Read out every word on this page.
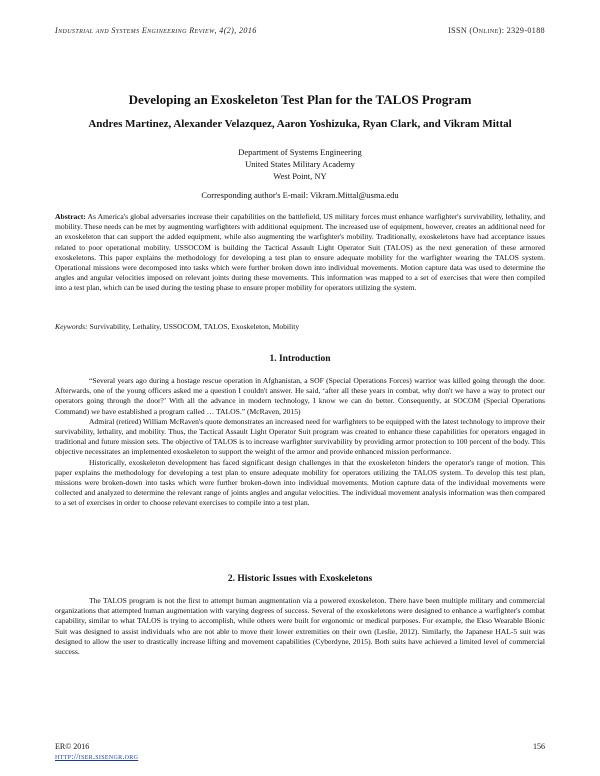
Industrial and Systems Engineering Review, 4(2), 2016	ISSN (Online): 2329-0188
Developing an Exoskeleton Test Plan for the TALOS Program
Andres Martinez, Alexander Velazquez, Aaron Yoshizuka, Ryan Clark, and Vikram Mittal
Department of Systems Engineering
United States Military Academy
West Point, NY
Corresponding author's E-mail: Vikram.Mittal@usma.edu
Abstract: As America's global adversaries increase their capabilities on the battlefield, US military forces must enhance warfighter's survivability, lethality, and mobility. These needs can be met by augmenting warfighters with additional equipment. The increased use of equipment, however, creates an additional need for an exoskeleton that can support the added equipment, while also augmenting the warfighter's mobility. Traditionally, exoskeletons have had acceptance issues related to poor operational mobility. USSOCOM is building the Tactical Assault Light Operator Suit (TALOS) as the next generation of these armored exoskeletons. This paper explains the methodology for developing a test plan to ensure adequate mobility for the warfighter wearing the TALOS system. Operational missions were decomposed into tasks which were further broken down into individual movements. Motion capture data was used to determine the angles and angular velocities imposed on relevant joints during these movements. This information was mapped to a set of exercises that were then compiled into a test plan, which can be used during the testing phase to ensure proper mobility for operators utilizing the system.
Keywords: Survivability, Lethality, USSOCOM, TALOS, Exoskeleton, Mobility
1. Introduction

“Several years ago during a hostage rescue operation in Afghanistan, a SOF (Special Operations Forces) warrior was killed going through the door. Afterwards, one of the young officers asked me a question I couldn't answer. He said, ‘after all these years in combat, why don't we have a way to protect our operators going through the door?’ With all the advance in modern technology, I know we can do better. Consequently, at SOCOM (Special Operations Command) we have established a program called … TALOS.” (McRaven, 2015)

Admiral (retired) William McRaven's quote demonstrates an increased need for warfighters to be equipped with the latest technology to improve their survivability, lethality, and mobility. Thus, the Tactical Assault Light Operator Suit program was created to enhance these capabilities for operators engaged in traditional and future mission sets. The objective of TALOS is to increase warfighter survivability by providing armor protection to 100 percent of the body. This objective necessitates an implemented exoskeleton to support the weight of the armor and provide enhanced mission performance.

Historically, exoskeleton development has faced significant design challenges in that the exoskeleton hinders the operator's range of motion. This paper explains the methodology for developing a test plan to ensure adequate mobility for operators utilizing the TALOS system. To develop this test plan, missions were broken-down into tasks which were further broken-down into individual movements. Motion capture data of the individual movements were collected and analyzed to determine the relevant range of joints angles and angular velocities. The individual movement analysis information was then compared to a set of exercises in order to choose relevant exercises to compile into a test plan.

2. Historic Issues with Exoskeletons

The TALOS program is not the first to attempt human augmentation via a powered exoskeleton. There have been multiple military and commercial organizations that attempted human augmentation with varying degrees of success. Several of the exoskeletons were designed to enhance a warfighter's combat capability, similar to what TALOS is trying to accomplish, while others were built for ergonomic or medical purposes. For example, the Ekso Wearable Bionic Suit was designed to assist individuals who are not able to move their lower extremities on their own (Leslie, 2012). Similarly, the Japanese HAL-5 suit was designed to allow the user to drastically increase lifting and movement capabilities (Cyberdyne, 2015). Both suits have achieved a limited level of commercial success.

ER© 2016
http://iser.sisengr.org
156
